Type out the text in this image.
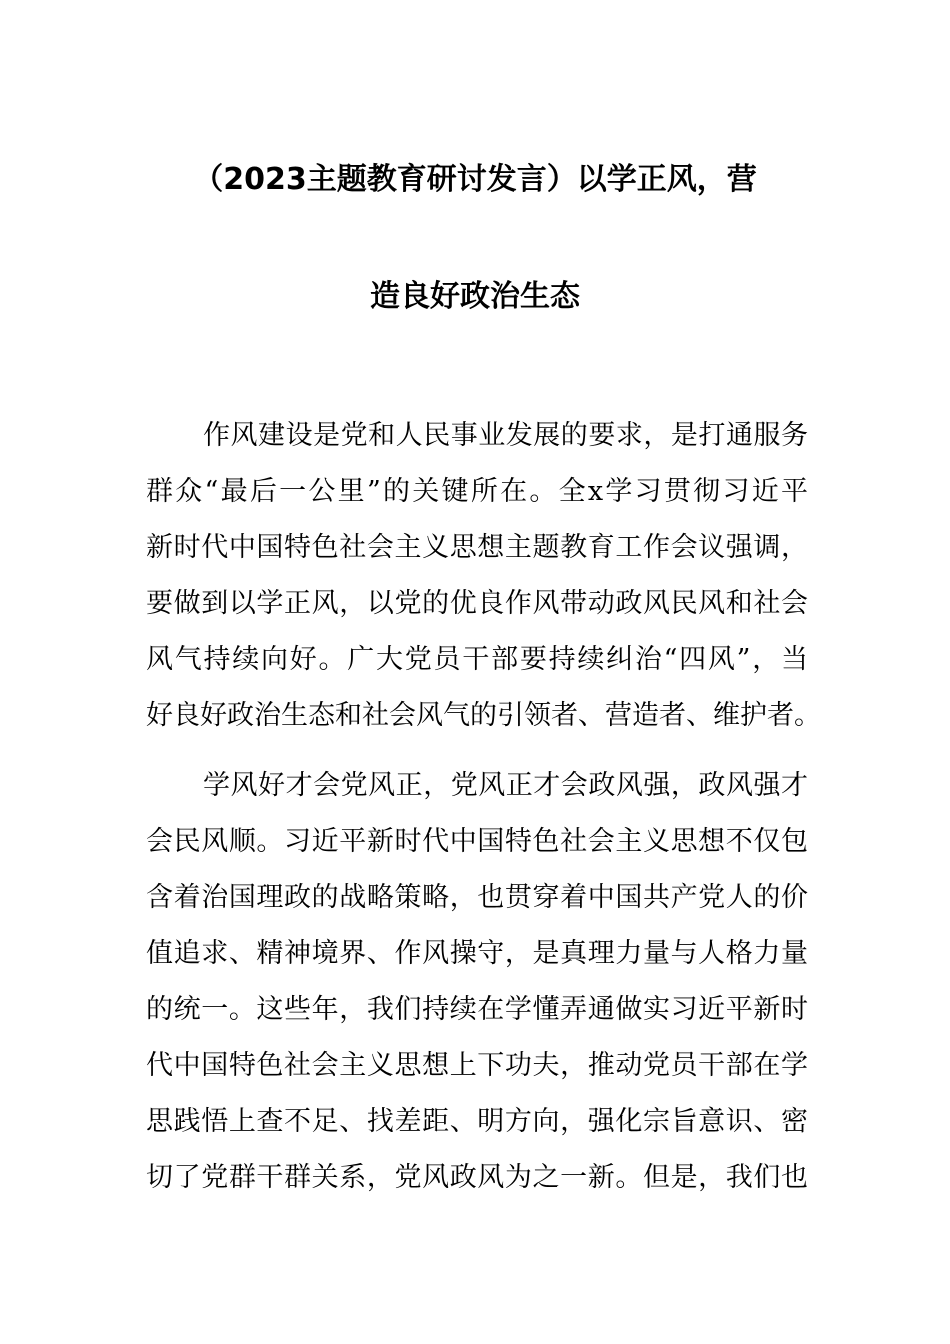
（2023主题教育研讨发言）以学正风，营
造良好政治生态
作风建设是党和人民事业发展的要求，是打通服务
群众“最后一公里”的关键所在。全x学习贯彻习近平
新时代中国特色社会主义思想主题教育工作会议强调，
要做到以学正风，以党的优良作风带动政风民风和社会
风气持续向好。广大党员干部要持续纠治“四风”，当
好良好政治生态和社会风气的引领者、营造者、维护者。
学风好才会党风正，党风正才会政风强，政风强才
会民风顺。习近平新时代中国特色社会主义思想不仅包
含着治国理政的战略策略，也贯穿着中国共产党人的价
值追求、精神境界、作风操守，是真理力量与人格力量
的统一。这些年，我们持续在学懂弄通做实习近平新时
代中国特色社会主义思想上下功夫，推动党员干部在学
思践悟上查不足、找差距、明方向，强化宗旨意识、密
切了党群干群关系，党风政风为之一新。但是，我们也
